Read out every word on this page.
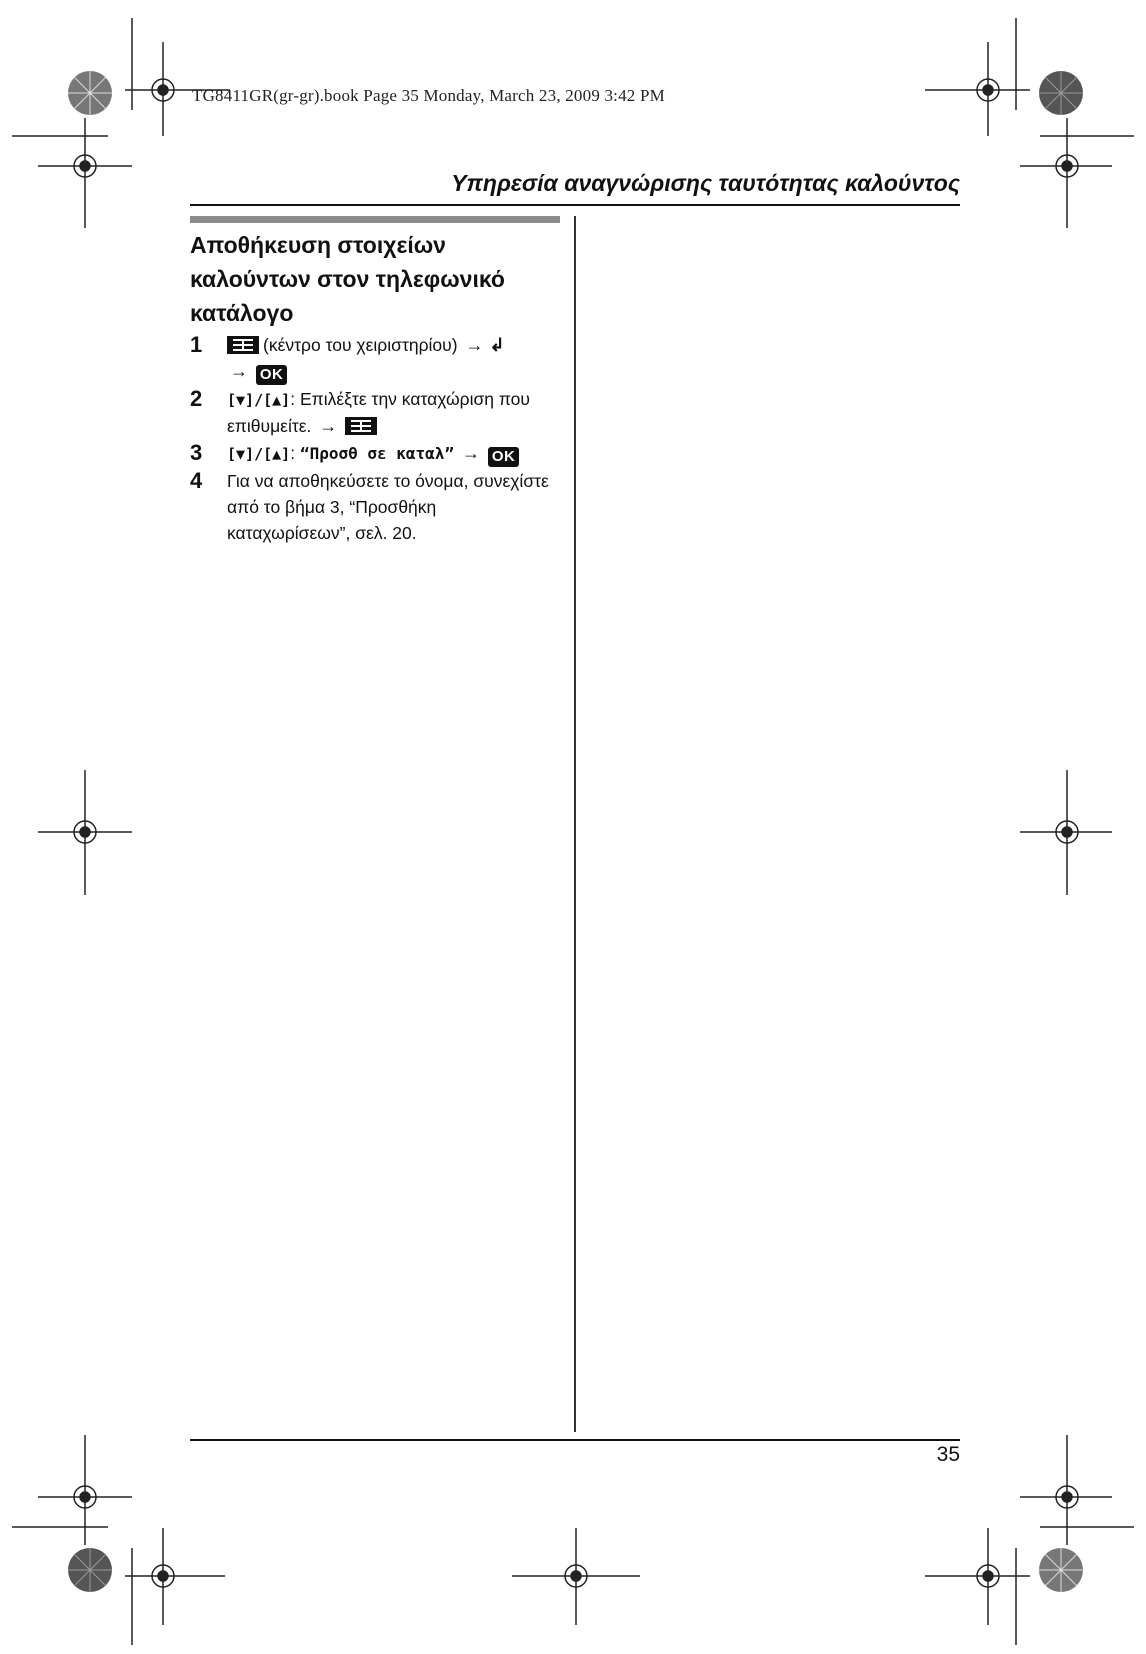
TG8411GR(gr-gr).book Page 35 Monday, March 23, 2009 3:42 PM
Υπηρεσία αναγνώρισης ταυτότητας καλούντος
Αποθήκευση στοιχείων καλούντων στον τηλεφωνικό κατάλογο
1	(κέντρο του χειριστηρίου) → ↲
→ OK
2 [▼]/[▲]: Επιλέξτε την καταχώριση που επιθυμείτε. →
3 [▼]/[▲]: “Προσθ σε καταλ” → OK
4 Για να αποθηκεύσετε το όνομα, συνεχίστε από το βήμα 3, “Προσθήκη καταχωρίσεων”, σελ. 20.
35
